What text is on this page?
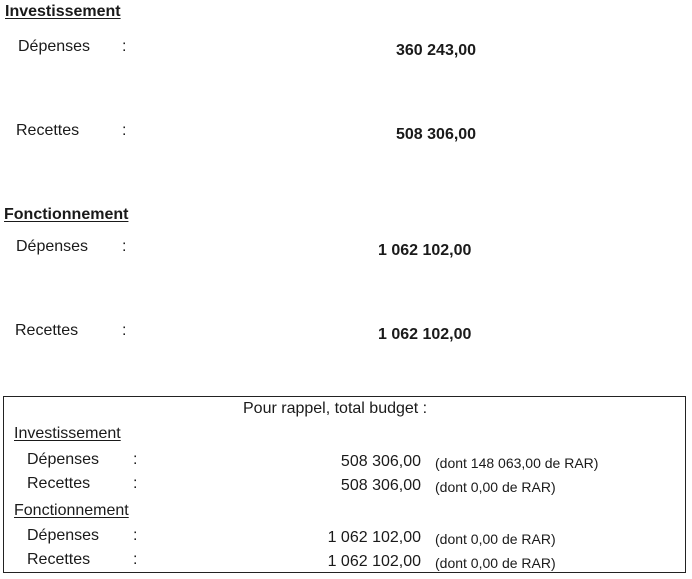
Investissement
Dépenses :	360 243,00
Recettes	:	508 306,00
Fonctionnement
Dépenses :	1 062 102,00
Recettes	:	1 062 102,00
Pour rappel, total budget :
Investissement
Dépenses :	508 306,00 (dont 148 063,00 de RAR)
Recettes	:	508 306,00 (dont 0,00 de RAR)
Fonctionnement
Dépenses :	1 062 102,00 (dont 0,00 de RAR)
Recettes	:	1 062 102,00 (dont 0,00 de RAR)
